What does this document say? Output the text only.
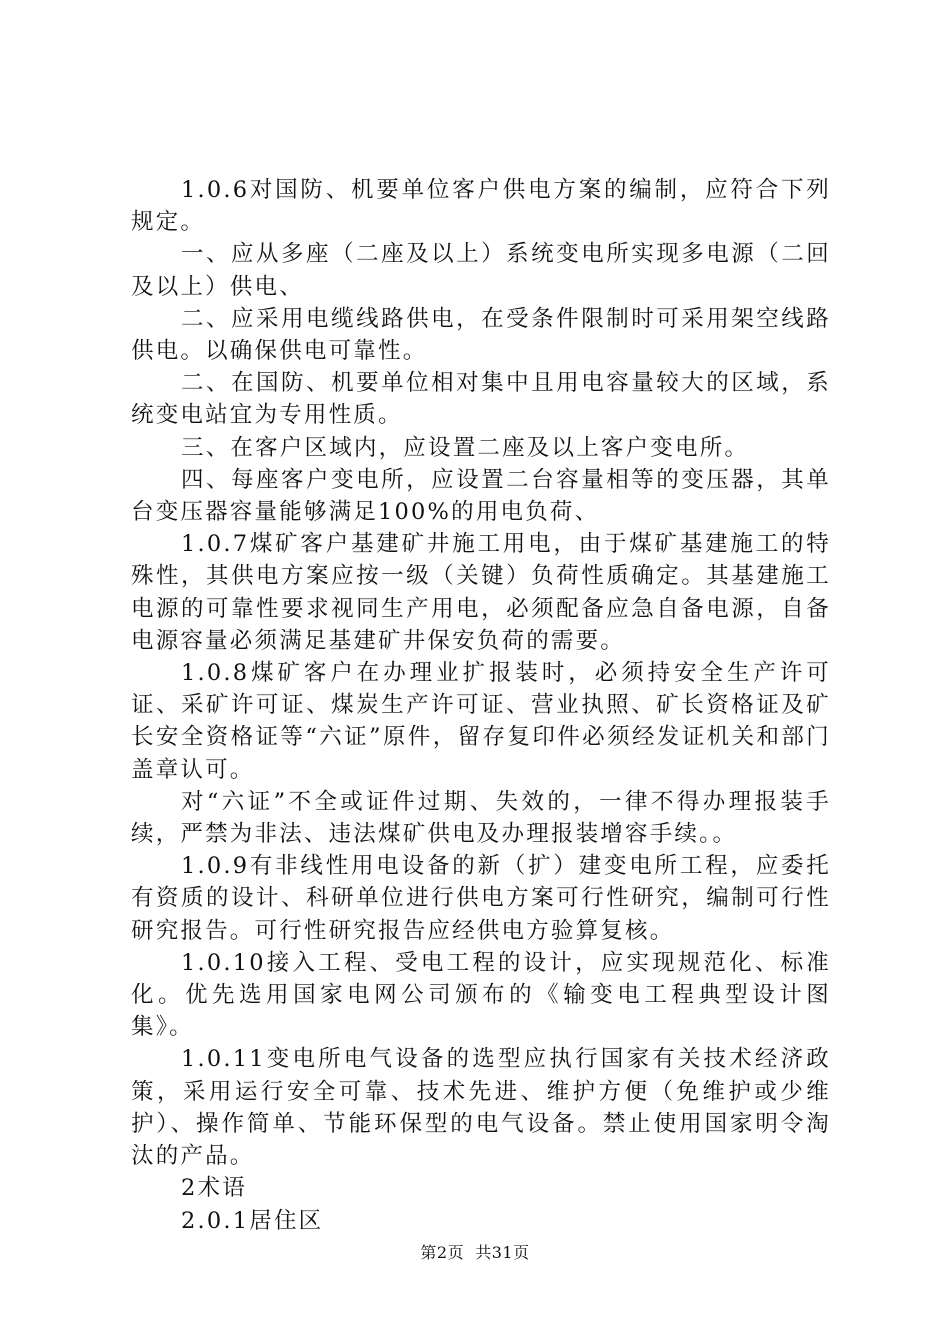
1.0.6对国防、机要单位客户供电方案的编制，应符合下列规定。

一、应从多座（二座及以上）系统变电所实现多电源（二回及以上）供电、

二、应采用电缆线路供电，在受条件限制时可采用架空线路供电。以确保供电可靠性。

二、在国防、机要单位相对集中且用电容量较大的区域，系统变电站宜为专用性质。

三、在客户区域内，应设置二座及以上客户变电所。

四、每座客户变电所，应设置二台容量相等的变压器，其单台变压器容量能够满足100%的用电负荷、

1.0.7煤矿客户基建矿井施工用电，由于煤矿基建施工的特殊性，其供电方案应按一级（关键）负荷性质确定。其基建施工电源的可靠性要求视同生产用电，必须配备应急自备电源，自备电源容量必须满足基建矿井保安负荷的需要。

1.0.8煤矿客户在办理业扩报装时，必须持安全生产许可证、采矿许可证、煤炭生产许可证、营业执照、矿长资格证及矿长安全资格证等“六证”原件，留存复印件必须经发证机关和部门盖章认可。

对“六证”不全或证件过期、失效的，一律不得办理报装手续，严禁为非法、违法煤矿供电及办理报装增容手续。。

1.0.9有非线性用电设备的新（扩）建变电所工程，应委托有资质的设计、科研单位进行供电方案可行性研究，编制可行性研究报告。可行性研究报告应经供电方验算复核。

1.0.10接入工程、受电工程的设计，应实现规范化、标准化。优先选用国家电网公司颁布的《输变电工程典型设计图集》。

1.0.11变电所电气设备的选型应执行国家有关技术经济政策，采用运行安全可靠、技术先进、维护方便（免维护或少维护）、操作简单、节能环保型的电气设备。禁止使用国家明令淘汰的产品。

2术语

2.0.1居住区

第2页  共31页
